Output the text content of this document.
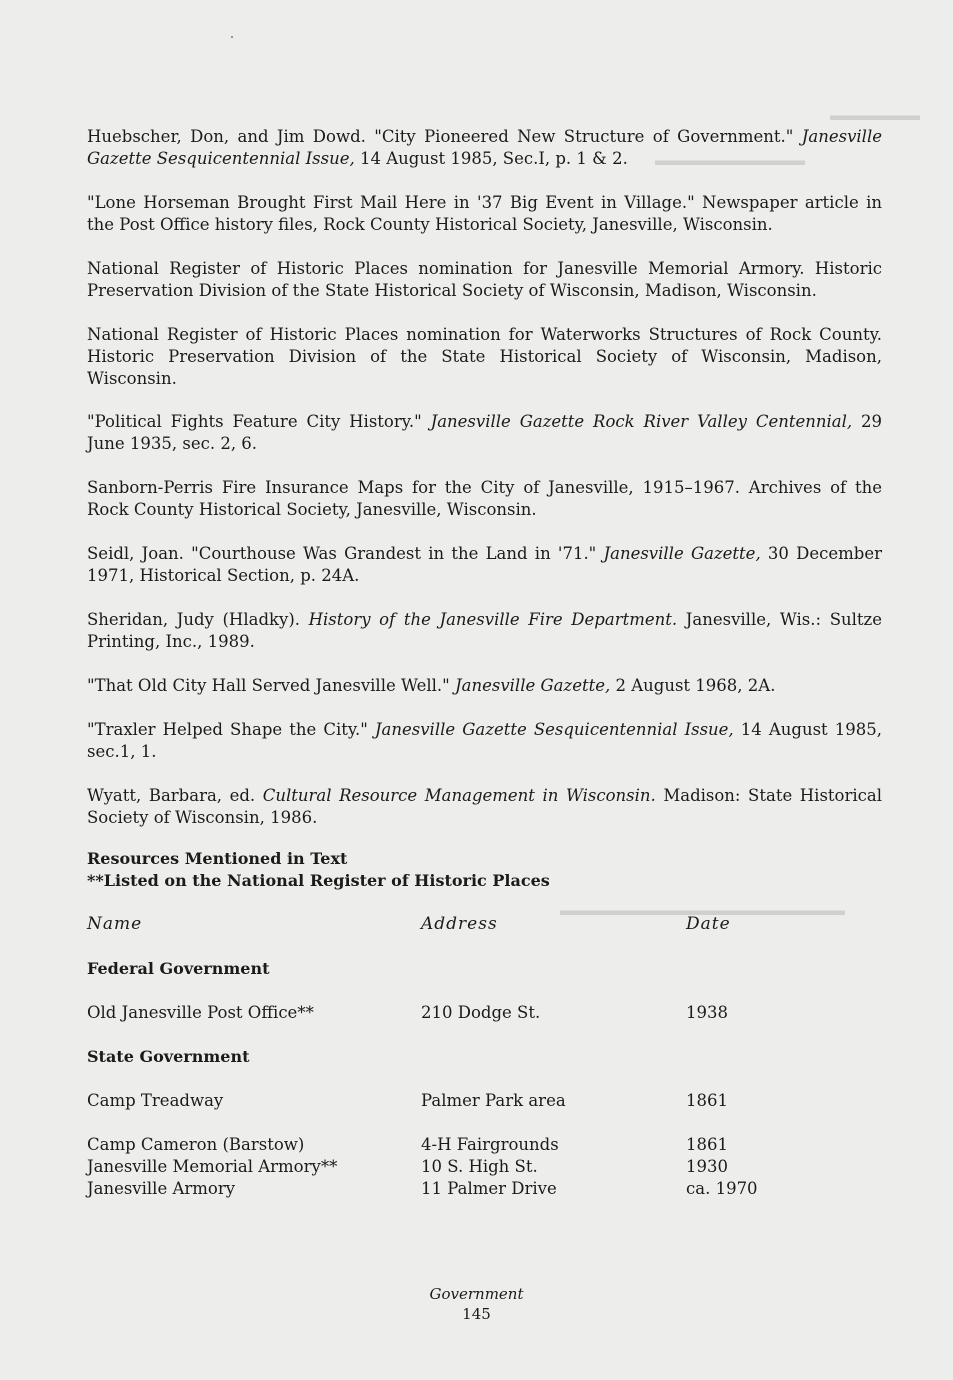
▬▬▬▬▬▬
▬▬▬▬▬▬▬▬▬▬
▬▬▬▬▬▬▬▬▬▬▬▬▬▬▬▬▬▬▬
Huebscher, Don, and Jim Dowd. "City Pioneered New Structure of Government." Janesville Gazette Sesquicentennial Issue, 14 August 1985, Sec.I, p. 1 & 2.
"Lone Horseman Brought First Mail Here in '37 Big Event in Village." Newspaper article in the Post Office history files, Rock County Historical Society, Janesville, Wisconsin.
National Register of Historic Places nomination for Janesville Memorial Armory. Historic Preservation Division of the State Historical Society of Wisconsin, Madison, Wisconsin.
National Register of Historic Places nomination for Waterworks Structures of Rock County. Historic Preservation Division of the State Historical Society of Wisconsin, Madison, Wisconsin.
"Political Fights Feature City History." Janesville Gazette Rock River Valley Centennial, 29 June 1935, sec. 2, 6.
Sanborn-Perris Fire Insurance Maps for the City of Janesville, 1915–1967. Archives of the Rock County Historical Society, Janesville, Wisconsin.
Seidl, Joan. "Courthouse Was Grandest in the Land in '71." Janesville Gazette, 30 December 1971, Historical Section, p. 24A.
Sheridan, Judy (Hladky). History of the Janesville Fire Department. Janesville, Wis.: Sultze Printing, Inc., 1989.
"That Old City Hall Served Janesville Well." Janesville Gazette, 2 August 1968, 2A.
"Traxler Helped Shape the City." Janesville Gazette Sesquicentennial Issue, 14 August 1985, sec.1, 1.
Wyatt, Barbara, ed. Cultural Resource Management in Wisconsin. Madison: State Historical Society of Wisconsin, 1986.
Resources Mentioned in Text
**Listed on the National Register of Historic Places
Name	Address	Date
Federal Government
Old Janesville Post Office**	210 Dodge St.	1938
State Government
Camp Treadway	Palmer Park area	1861
Camp Cameron (Barstow)	4-H Fairgrounds	1861
Janesville Memorial Armory**	10 S. High St.	1930
Janesville Armory	11 Palmer Drive	ca. 1970
Government
145
